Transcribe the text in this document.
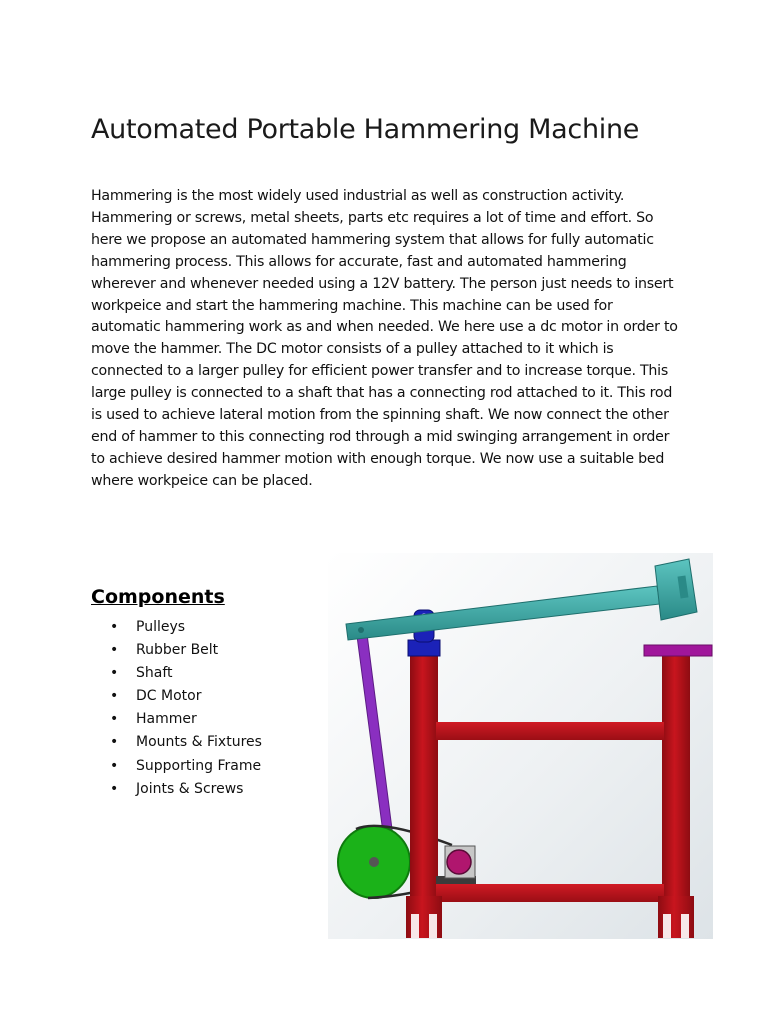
Automated Portable Hammering Machine

Hammering is the most widely used industrial as well as construction activity. Hammering or screws, metal sheets, parts etc requires a lot of time and effort. So here we propose an automated hammering system that allows for fully automatic hammering process. This allows for accurate, fast and automated hammering wherever and whenever needed using a 12V battery. The person just needs to insert workpeice and start the hammering machine. This machine can be used for automatic hammering work as and when needed. We here use a dc motor in order to move the hammer. The DC motor consists of a pulley attached to it which is connected to a larger pulley for efficient power transfer and to increase torque. This large pulley is connected to a shaft that has a connecting rod attached to it. This rod is used to achieve lateral motion from the spinning shaft. We now connect the other end of hammer to this connecting rod through a mid swinging arrangement in order to achieve desired hammer motion with enough torque. We now use a suitable bed where workpeice can be placed.

Components
• Pulleys
• Rubber Belt
• Shaft
• DC Motor
• Hammer
• Mounts & Fixtures
• Supporting Frame
• Joints & Screws
